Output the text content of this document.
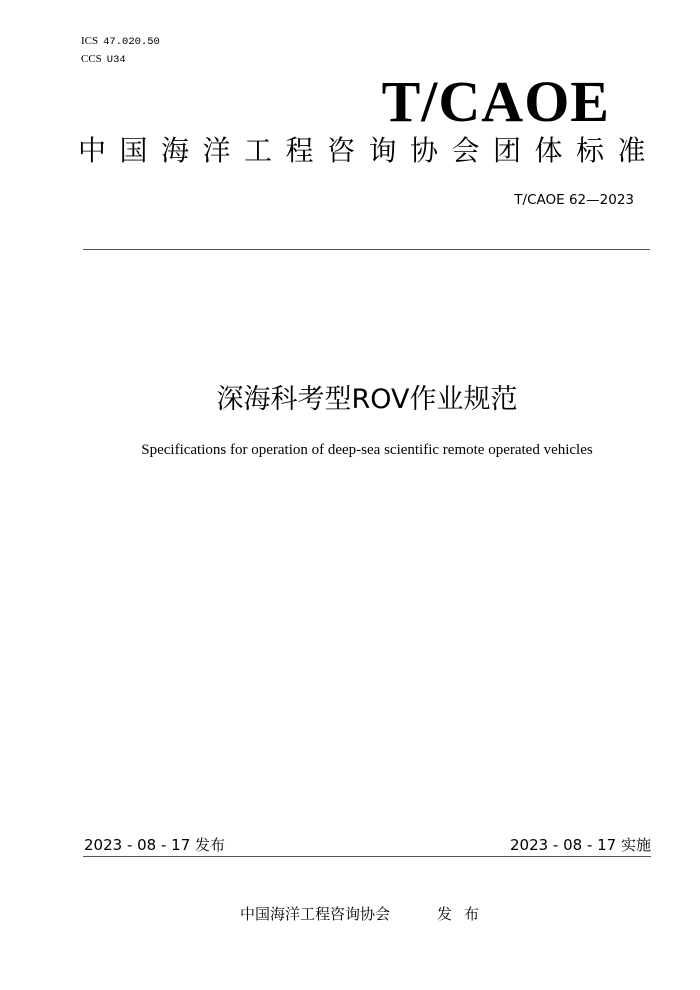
ICS 47.020.50
CCS U34
T/CAOE
中国海洋工程咨询协会团体标准
T/CAOE 62—2023
深海科考型ROV作业规范
Specifications for operation of deep-sea scientific remote operated vehicles
2023 - 08 - 17 发布	2023 - 08 - 17 实施
中国海洋工程咨询协会	发布
